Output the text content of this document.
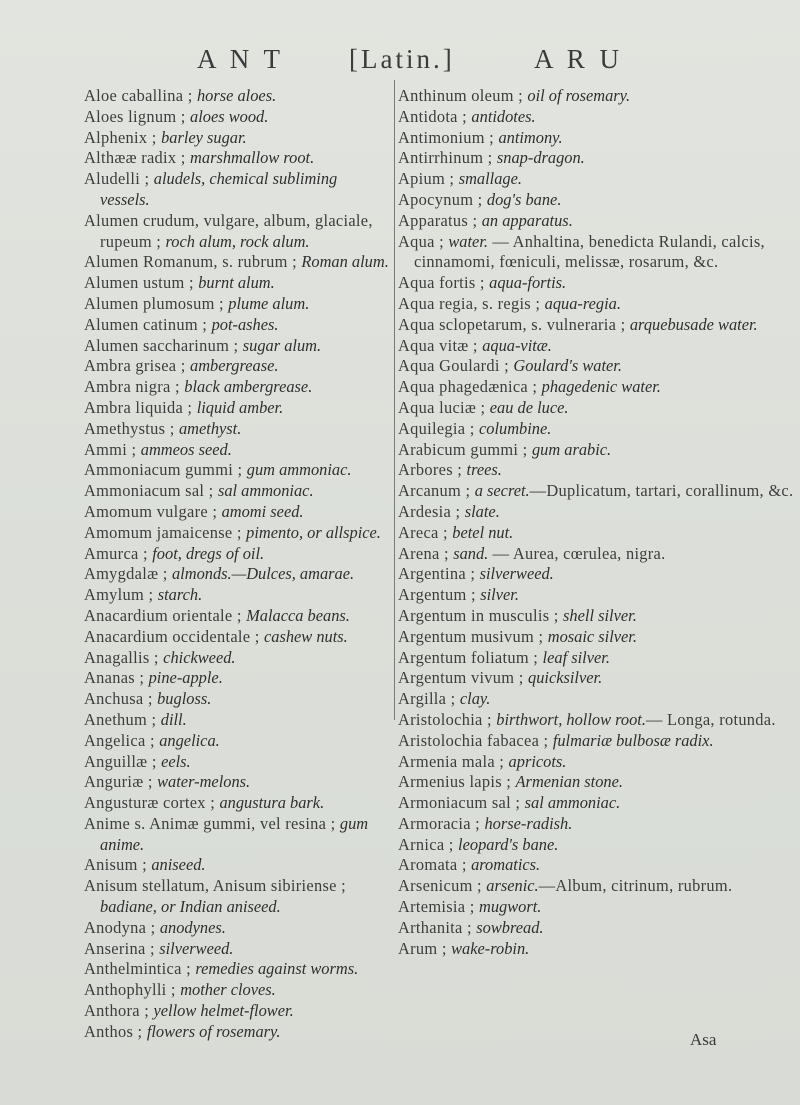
A N T [Latin.]	A R U
Aloe caballina ; horse aloes.
Aloes lignum ; aloes wood.
Alphenix ; barley sugar.
Althææ radix ; marshmallow root.
Aludelli ; aludels, chemical subliming vessels.
Alumen crudum, vulgare, album, glaciale, rupeum ; roch alum, rock alum.
Alumen Romanum, s. rubrum ; Roman alum.
Alumen ustum ; burnt alum.
Alumen plumosum ; plume alum.
Alumen catinum ; pot-ashes.
Alumen saccharinum ; sugar alum.
Ambra grisea ; ambergrease.
Ambra nigra ; black ambergrease.
Ambra liquida ; liquid amber.
Amethystus ; amethyst.
Ammi ; ammeos seed.
Ammoniacum gummi ; gum ammoniac.
Ammoniacum sal ; sal ammoniac.
Amomum vulgare ; amomi seed.
Amomum jamaicense ; pimento, or allspice.
Amurca ; foot, dregs of oil.
Amygdalæ ; almonds.—Dulces, amarae.
Amylum ; starch.
Anacardium orientale ; Malacca beans.
Anacardium occidentale ; cashew nuts.
Anagallis ; chickweed.
Ananas ; pine-apple.
Anchusa ; bugloss.
Anethum ; dill.
Angelica ; angelica.
Anguillæ ; eels.
Anguriæ ; water-melons.
Angusturæ cortex ; angustura bark.
Anime s. Animæ gummi, vel resina ; gum anime.
Anisum ; aniseed.
Anisum stellatum, Anisum sibiriense ; badiane, or Indian aniseed.
Anodyna ; anodynes.
Anserina ; silverweed.
Anthelmintica ; remedies against worms.
Anthophylli ; mother cloves.
Anthora ; yellow helmet-flower.
Anthos ; flowers of rosemary.
Anthinum oleum ; oil of rosemary.
Antidota ; antidotes.
Antimonium ; antimony.
Antirrhinum ; snap-dragon.
Apium ; smallage.
Apocynum ; dog's bane.
Apparatus ; an apparatus.
Aqua ; water. — Anhaltina, benedicta Rulandi, calcis, cinnamomi, fœniculi, melissæ, rosarum, &c.
Aqua fortis ; aqua-fortis.
Aqua regia, s. regis ; aqua-regia.
Aqua sclopetarum, s. vulneraria ; arquebusade water.
Aqua vitæ ; aqua-vitæ.
Aqua Goulardi ; Goulard's water.
Aqua phagedænica ; phagedenic water.
Aqua luciæ ; eau de luce.
Aquilegia ; columbine.
Arabicum gummi ; gum arabic.
Arbores ; trees.
Arcanum ; a secret.—Duplicatum, tartari, corallinum, &c.
Ardesia ; slate.
Areca ; betel nut.
Arena ; sand. — Aurea, cœrulea, nigra.
Argentina ; silverweed.
Argentum ; silver.
Argentum in musculis ; shell silver.
Argentum musivum ; mosaic silver.
Argentum foliatum ; leaf silver.
Argentum vivum ; quicksilver.
Argilla ; clay.
Aristolochia ; birthwort, hollow root.— Longa, rotunda.
Aristolochia fabacea ; fulmariæ bulbosæ radix.
Armenia mala ; apricots.
Armenius lapis ; Armenian stone.
Armoniacum sal ; sal ammoniac.
Armoracia ; horse-radish.
Arnica ; leopard's bane.
Aromata ; aromatics.
Arsenicum ; arsenic.—Album, citrinum, rubrum.
Artemisia ; mugwort.
Arthanita ; sowbread.
Arum ; wake-robin.
Asa
